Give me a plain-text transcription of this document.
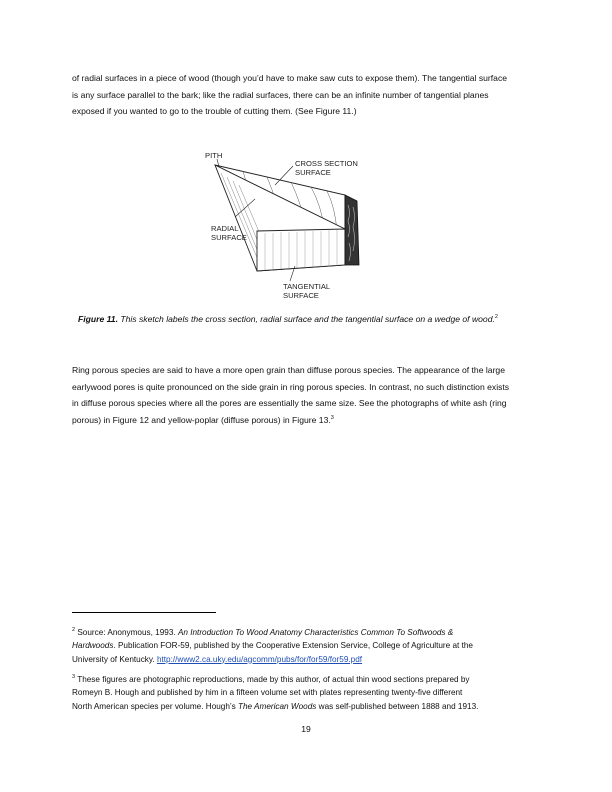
of radial surfaces in a piece of wood (though you’d have to make saw cuts to expose them). The tangential surface
is any surface parallel to the bark; like the radial surfaces, there can be an infinite number of tangential planes
exposed if you wanted to go to the trouble of cutting them. (See Figure 11.)

PITH
CROSS SECTION
SURFACE
RADIAL
SURFACE
TANGENTIAL
SURFACE
Figure 11. This sketch labels the cross section, radial surface and the tangential surface on a wedge of wood.$^2$

Ring porous species are said to have a more open grain than diffuse porous species. The appearance of the large
earlywood pores is quite pronounced on the side grain in ring porous species. In contrast, no such distinction exists
in diffuse porous species where all the pores are essentially the same size. See the photographs of white ash (ring
porous) in Figure 12 and yellow-poplar (diffuse porous) in Figure 13.$^3$

$^2$ Source: Anonymous, 1993. An Introduction To Wood Anatomy Characteristics Common To Softwoods &
Hardwoods. Publication FOR-59, published by the Cooperative Extension Service, College of Agriculture at the
University of Kentucky. http://www2.ca.uky.edu/agcomm/pubs/for/for59/for59.pdf

$^3$ These figures are photographic reproductions, made by this author, of actual thin wood sections prepared by
Romeyn B. Hough and published by him in a fifteen volume set with plates representing twenty-five different
North American species per volume. Hough’s The American Woods was self-published between 1888 and 1913.

19
